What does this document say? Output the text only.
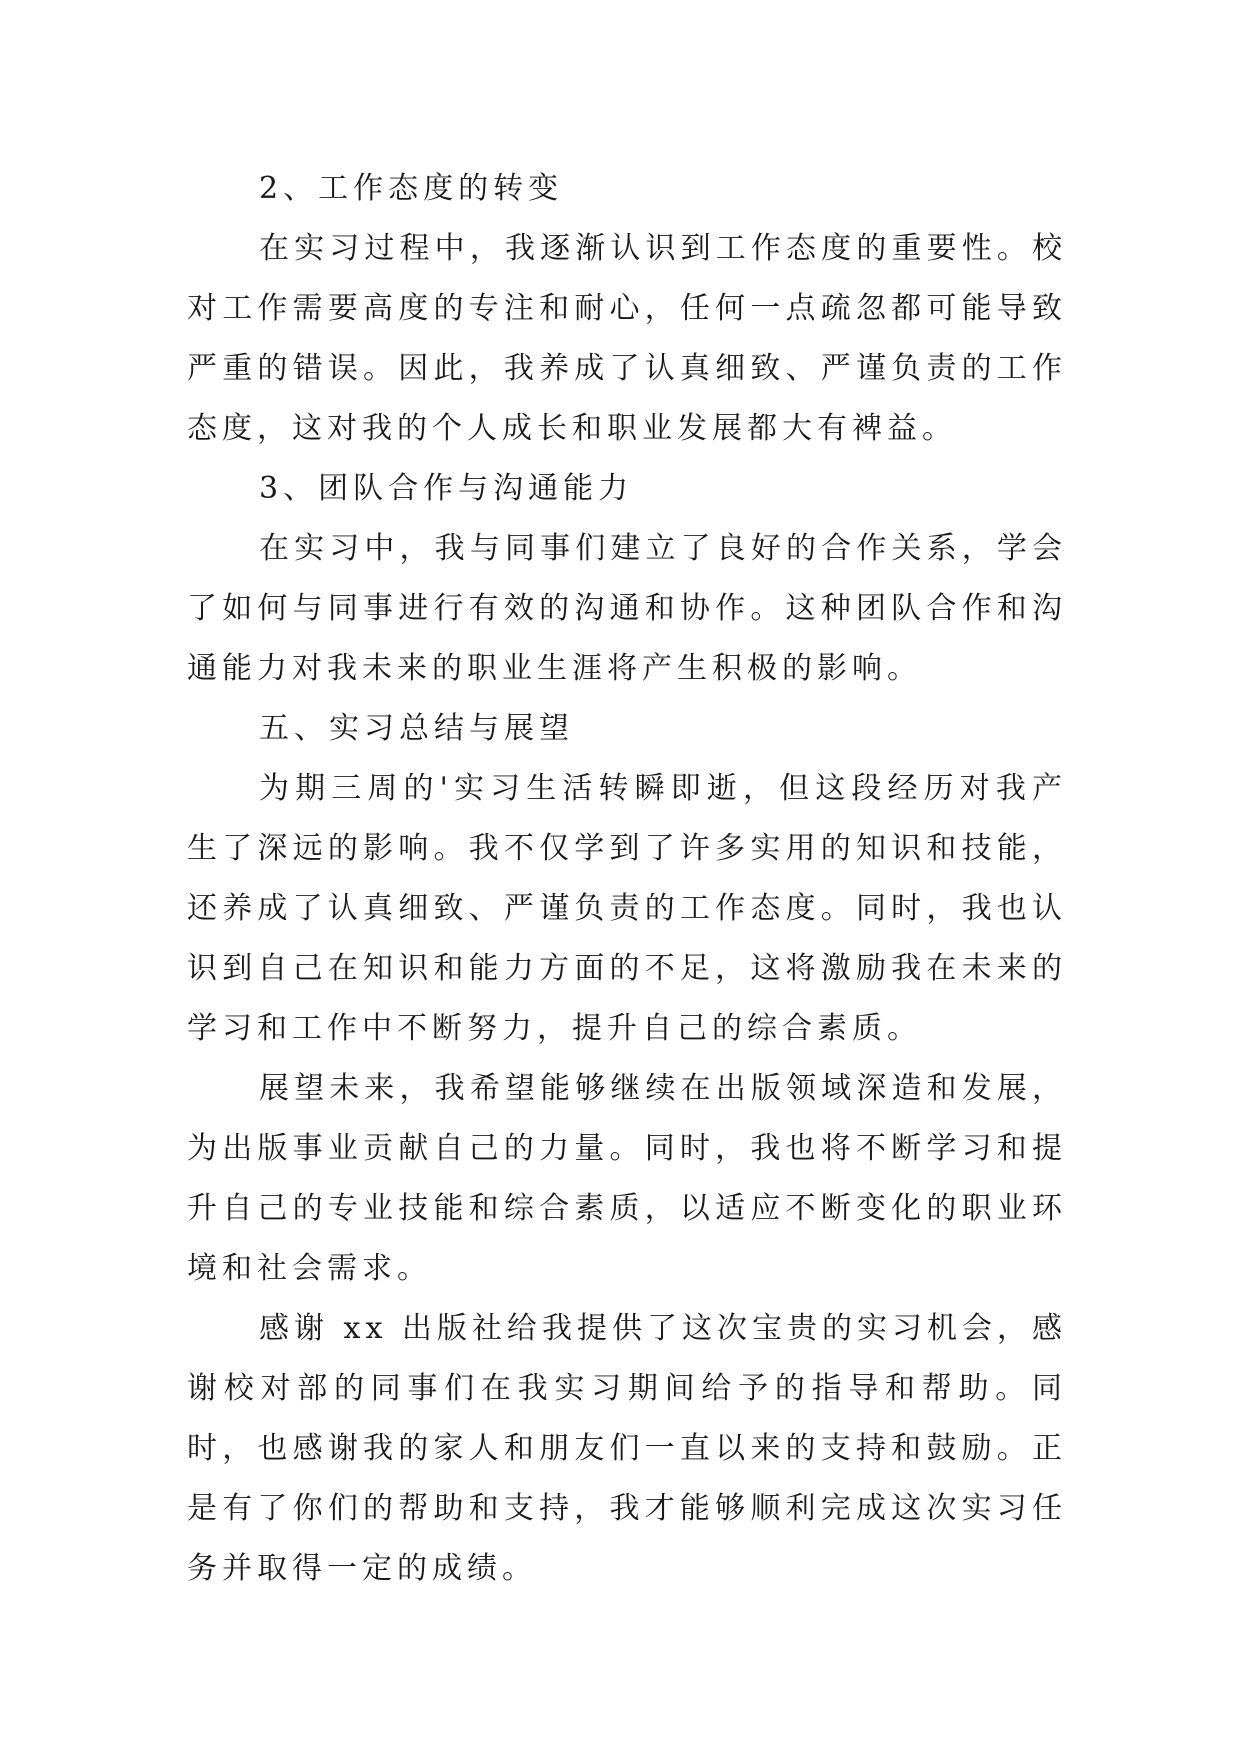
2、工作态度的转变

在实习过程中，我逐渐认识到工作态度的重要性。校对工作需要高度的专注和耐心，任何一点疏忽都可能导致严重的错误。因此，我养成了认真细致、严谨负责的工作态度，这对我的个人成长和职业发展都大有裨益。

3、团队合作与沟通能力

在实习中，我与同事们建立了良好的合作关系，学会了如何与同事进行有效的沟通和协作。这种团队合作和沟通能力对我未来的职业生涯将产生积极的影响。

五、实习总结与展望

为期三周的'实习生活转瞬即逝，但这段经历对我产生了深远的影响。我不仅学到了许多实用的知识和技能，还养成了认真细致、严谨负责的工作态度。同时，我也认识到自己在知识和能力方面的不足，这将激励我在未来的学习和工作中不断努力，提升自己的综合素质。

展望未来，我希望能够继续在出版领域深造和发展，为出版事业贡献自己的力量。同时，我也将不断学习和提升自己的专业技能和综合素质，以适应不断变化的职业环境和社会需求。

感谢 xx 出版社给我提供了这次宝贵的实习机会，感谢校对部的同事们在我实习期间给予的指导和帮助。同时，也感谢我的家人和朋友们一直以来的支持和鼓励。正是有了你们的帮助和支持，我才能够顺利完成这次实习任务并取得一定的成绩。
